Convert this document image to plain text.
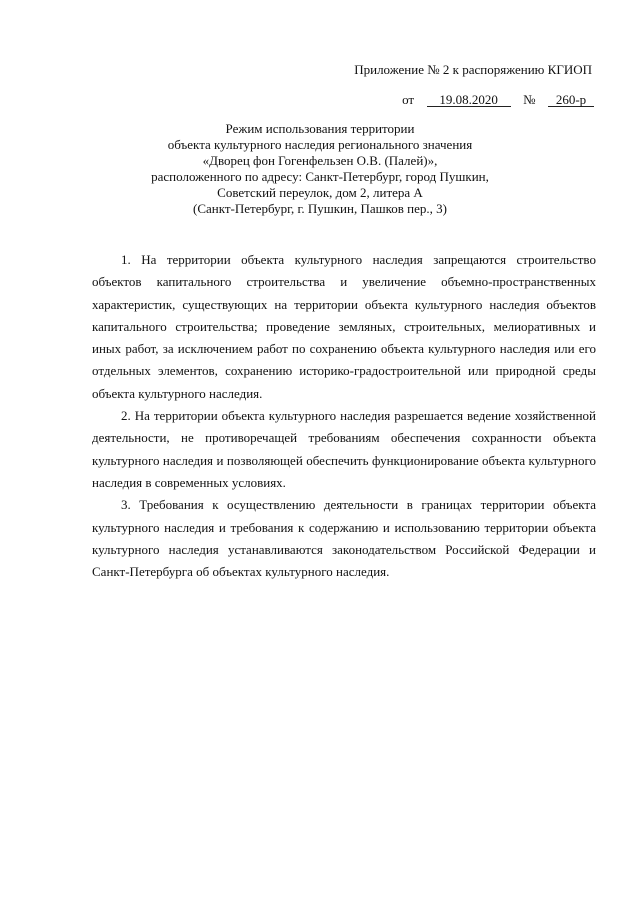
Приложение № 2 к распоряжению КГИОП
от 19.08.2020 № 260-р
Режим использования территории
объекта культурного наследия регионального значения
«Дворец фон Гогенфельзен О.В. (Палей)»,
расположенного по адресу: Санкт-Петербург, город Пушкин,
Советский переулок, дом 2, литера А
(Санкт-Петербург, г. Пушкин, Пашков пер., 3)

1. На территории объекта культурного наследия запрещаются строительство объектов капитального строительства и увеличение объемно-пространственных характеристик, существующих на территории объекта культурного наследия объектов капитального строительства; проведение земляных, строительных, мелиоративных и иных работ, за исключением работ по сохранению объекта культурного наследия или его отдельных элементов, сохранению историко-градостроительной или природной среды объекта культурного наследия.

2. На территории объекта культурного наследия разрешается ведение хозяйственной деятельности, не противоречащей требованиям обеспечения сохранности объекта культурного наследия и позволяющей обеспечить функционирование объекта культурного наследия в современных условиях.

3. Требования к осуществлению деятельности в границах территории объекта культурного наследия и требования к содержанию и использованию территории объекта культурного наследия устанавливаются законодательством Российской Федерации и Санкт-Петербурга об объектах культурного наследия.
